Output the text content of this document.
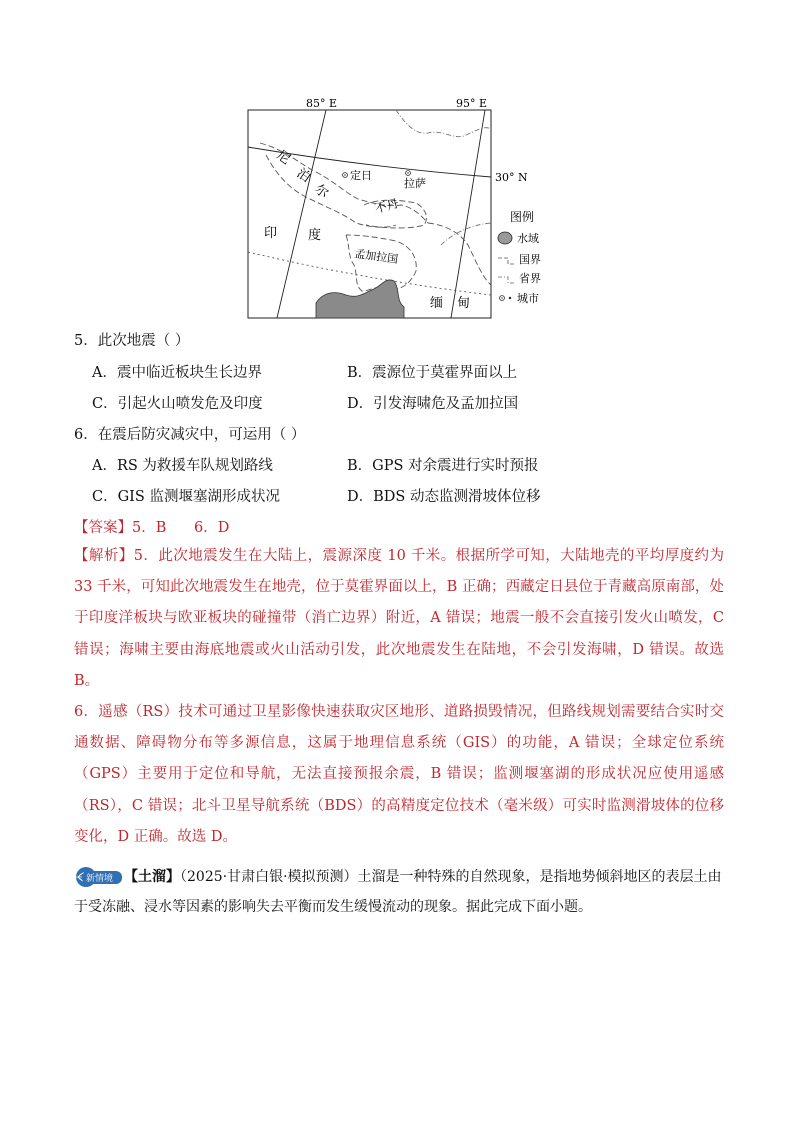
85° E	95° E
30° N
定日
拉萨
尼
泊
尔
不丹
印 度
孟加拉国
缅 甸
图例
水域
国界
省界
城市
5．此次地震（ ）
A．震中临近板块生长边界	B．震源位于莫霍界面以上
C．引起火山喷发危及印度	D．引发海啸危及孟加拉国
6．在震后防灾减灾中，可运用（ ）
A．RS 为救援车队规划路线	B．GPS 对余震进行实时预报
C．GIS 监测堰塞湖形成状况	D．BDS 动态监测滑坡体位移
【答案】5．B      6．D
【解析】5．此次地震发生在大陆上，震源深度 10 千米。根据所学可知，大陆地壳的平均厚度约为 33 千米，可知此次地震发生在地壳，位于莫霍界面以上，B 正确；西藏定日县位于青藏高原南部，处于印度洋板块与欧亚板块的碰撞带（消亡边界）附近，A 错误；地震一般不会直接引发火山喷发，C 错误；海啸主要由海底地震或火山活动引发，此次地震发生在陆地，不会引发海啸，D 错误。故选 B。
6．遥感（RS）技术可通过卫星影像快速获取灾区地形、道路损毁情况，但路线规划需要结合实时交通数据、障碍物分布等多源信息，这属于地理信息系统（GIS）的功能，A 错误；全球定位系统（GPS）主要用于定位和导航，无法直接预报余震，B 错误；监测堰塞湖的形成状况应使用遥感（RS），C 错误；北斗卫星导航系统（BDS）的高精度定位技术（毫米级）可实时监测滑坡体的位移变化，D 正确。故选 D。
新情境 【土溜】（2025·甘肃白银·模拟预测）土溜是一种特殊的自然现象，是指地势倾斜地区的表层土由于受冻融、浸水等因素的影响失去平衡而发生缓慢流动的现象。据此完成下面小题。
